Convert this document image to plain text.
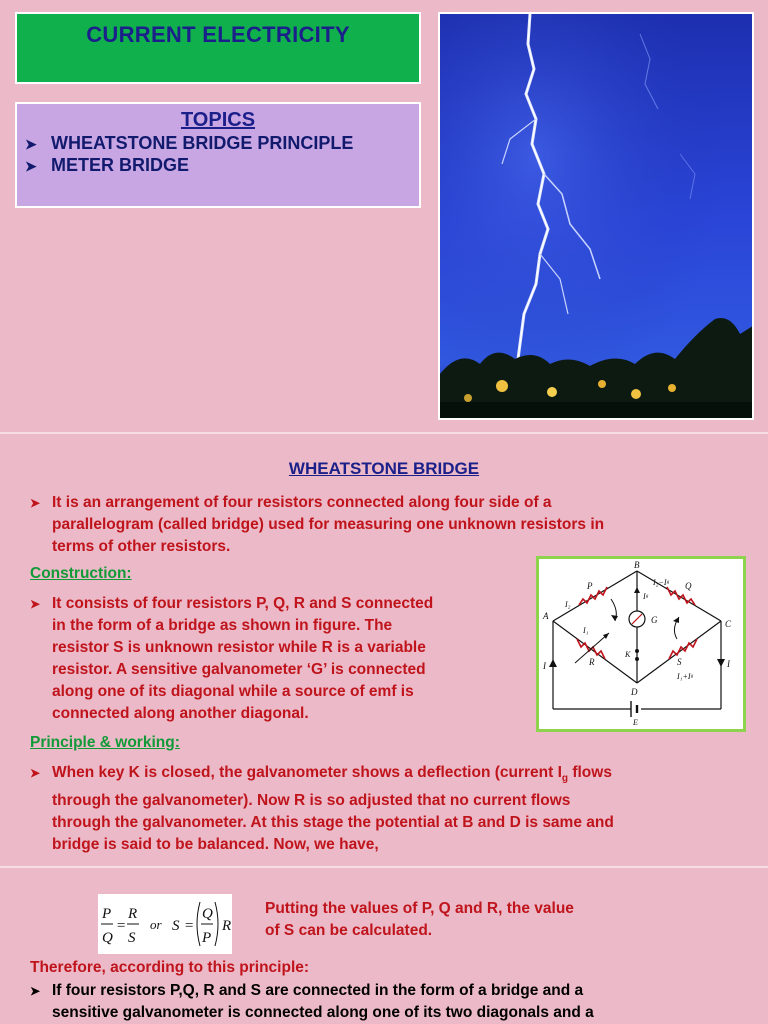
CURRENT ELECTRICITY
TOPICS
➤ WHEATSTONE BRIDGE PRINCIPLE
➤ METER BRIDGE
WHEATSTONE BRIDGE
➤ It is an arrangement of four resistors connected along four side of a
parallelogram (called bridge) used for measuring one unknown resistors in
terms of other resistors.
Construction:
➤ It consists of four resistors P, Q, R and S connected
in the form of a bridge as shown in figure. The
resistor S is unknown resistor while R is a variable
resistor. A sensitive galvanometer ‘G’ is connected
along one of its diagonal while a source of emf is
connected along another diagonal.
B
A
C
D
E
G
K
P	Q
R	S
I	I
I₂
I₁
I₂−Iᵍ
Iᵍ
I₁+Iᵍ
Principle & working:
➤ When key K is closed, the galvanometer shows a deflection (current $I_g$ flows
through the galvanometer). Now R is so adjusted that no current flows
through the galvanometer. At this stage the potential at B and D is same and
bridge is said to be balanced. Now, we have,
P
Q
=
R
S
or S =
Q
P
R
Putting the values of P, Q and R, the value
of S can be calculated.
Therefore, according to this principle:
➤ If four resistors P,Q, R and S are connected in the form of a bridge and a
sensitive galvanometer is connected along one of its two diagonals and a
